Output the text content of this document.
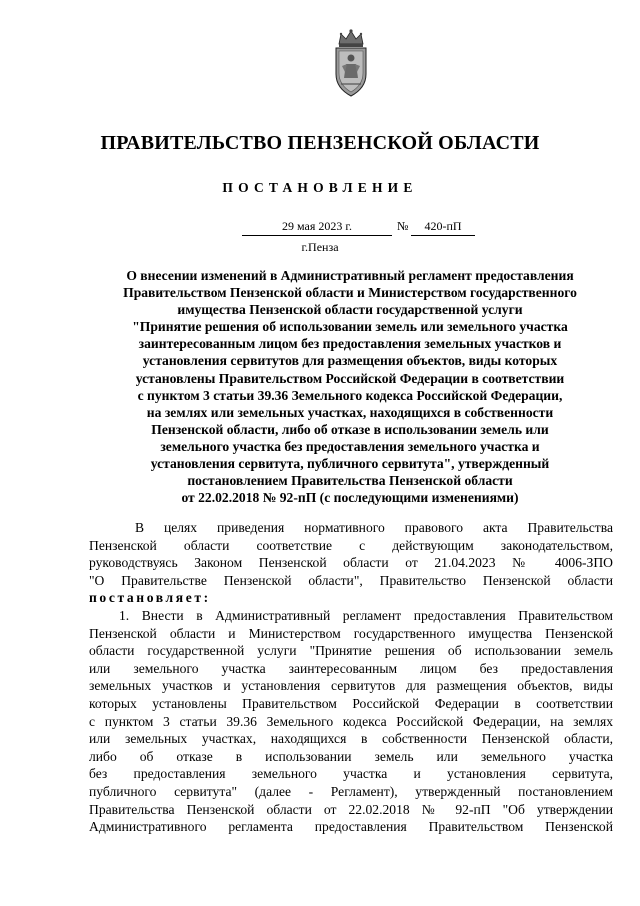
ПРАВИТЕЛЬСТВО ПЕНЗЕНСКОЙ ОБЛАСТИ
ПОСТАНОВЛЕНИЕ
29 мая 2023 г.	№	420-пП
г.Пенза
О внесении изменений в Административный регламент предоставления
Правительством Пензенской области и Министерством государственного
имущества Пензенской области государственной услуги
"Принятие решения об использовании земель или земельного участка
заинтересованным лицом без предоставления земельных участков и
установления сервитутов для размещения объектов, виды которых
установлены Правительством Российской Федерации в соответствии
с пунктом 3 статьи 39.36 Земельного кодекса Российской Федерации,
на землях или земельных участках, находящихся в собственности
Пензенской области, либо об отказе в использовании земель или
земельного участка без предоставления земельного участка и
установления сервитута, публичного сервитута", утвержденный
постановлением Правительства Пензенской области
от 22.02.2018 № 92-пП (с последующими изменениями)
В целях приведения нормативного правового акта Правительства
Пензенской области соответствие с действующим законодательством,
руководствуясь Законом Пензенской области от 21.04.2023 № 4006-ЗПО
"О Правительстве Пензенской области", Правительство Пензенской области
постановляет:
1. Внести в Административный регламент предоставления Правительством
Пензенской области и Министерством государственного имущества Пензенской
области государственной услуги "Принятие решения об использовании земель
или земельного участка заинтересованным лицом без предоставления
земельных участков и установления сервитутов для размещения объектов, виды
которых установлены Правительством Российской Федерации в соответствии
с пунктом 3 статьи 39.36 Земельного кодекса Российской Федерации, на землях
или земельных участках, находящихся в собственности Пензенской области,
либо об отказе в использовании земель или земельного участка
без предоставления земельного участка и установления сервитута,
публичного сервитута" (далее - Регламент), утвержденный постановлением
Правительства Пензенской области от 22.02.2018 № 92-пП "Об утверждении
Административного регламента предоставления Правительством Пензенской
